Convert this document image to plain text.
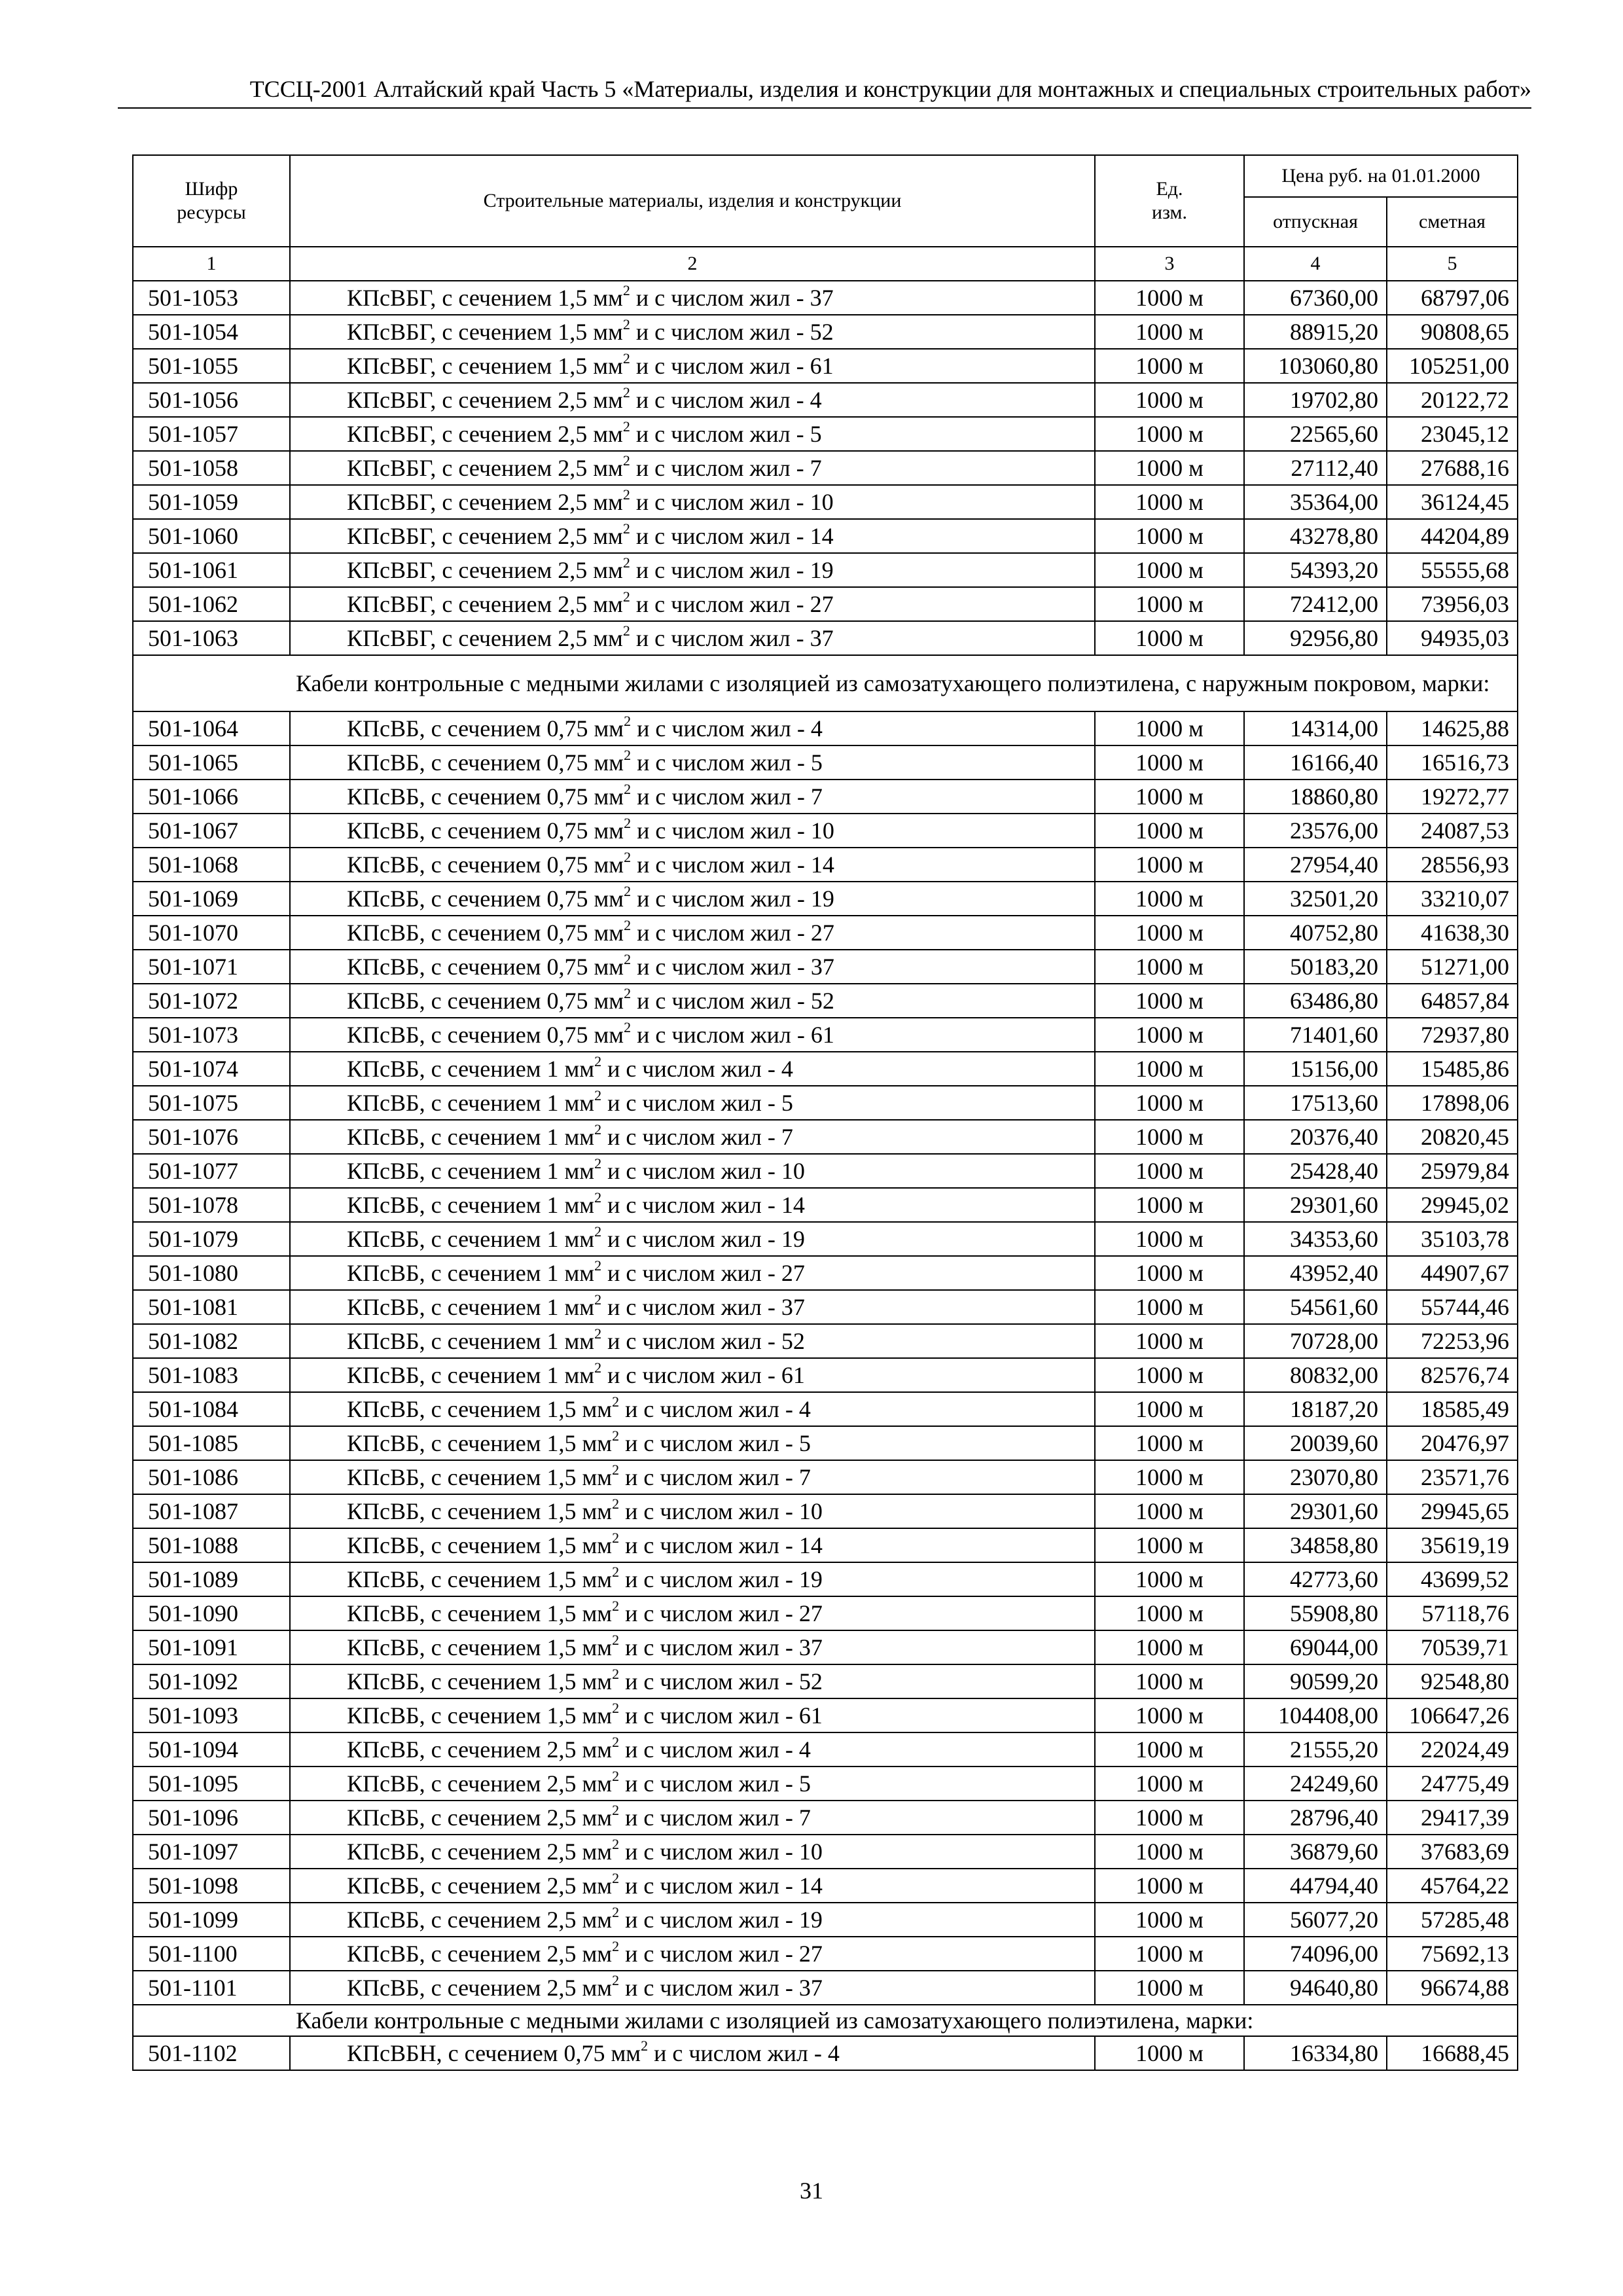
ТССЦ-2001 Алтайский край Часть 5 «Материалы, изделия и конструкции для монтажных и специальных строительных работ»
Шифр ресурсы	Строительные материалы, изделия и конструкции	Ед. изм.	Цена руб. на 01.01.2000	
			отпускная	сметная
1	2	3	4	5
501-1053	КПсВБГ, с сечением 1,5 $мм^2$ и с числом жил - 37	1000 м	67360,00	68797,06
501-1054	КПсВБГ, с сечением 1,5 $мм^2$ и с числом жил - 52	1000 м	88915,20	90808,65
501-1055	КПсВБГ, с сечением 1,5 $мм^2$ и с числом жил - 61	1000 м	103060,80	105251,00
501-1056	КПсВБГ, с сечением 2,5 $мм^2$ и с числом жил - 4	1000 м	19702,80	20122,72
501-1057	КПсВБГ, с сечением 2,5 $мм^2$ и с числом жил - 5	1000 м	22565,60	23045,12
501-1058	КПсВБГ, с сечением 2,5 $мм^2$ и с числом жил - 7	1000 м	27112,40	27688,16
501-1059	КПсВБГ, с сечением 2,5 $мм^2$ и с числом жил - 10	1000 м	35364,00	36124,45
501-1060	КПсВБГ, с сечением 2,5 $мм^2$ и с числом жил - 14	1000 м	43278,80	44204,89
501-1061	КПсВБГ, с сечением 2,5 $мм^2$ и с числом жил - 19	1000 м	54393,20	55555,68
501-1062	КПсВБГ, с сечением 2,5 $мм^2$ и с числом жил - 27	1000 м	72412,00	73956,03
501-1063	КПсВБГ, с сечением 2,5 $мм^2$ и с числом жил - 37	1000 м	92956,80	94935,03
Кабели контрольные с медными жилами с изоляцией из самозатухающего полиэтилена, с наружным покровом, марки:				
501-1064	КПсВБ, с сечением 0,75 $мм^2$ и с числом жил - 4	1000 м	14314,00	14625,88
501-1065	КПсВБ, с сечением 0,75 $мм^2$ и с числом жил - 5	1000 м	16166,40	16516,73
501-1066	КПсВБ, с сечением 0,75 $мм^2$ и с числом жил - 7	1000 м	18860,80	19272,77
501-1067	КПсВБ, с сечением 0,75 $мм^2$ и с числом жил - 10	1000 м	23576,00	24087,53
501-1068	КПсВБ, с сечением 0,75 $мм^2$ и с числом жил - 14	1000 м	27954,40	28556,93
501-1069	КПсВБ, с сечением 0,75 $мм^2$ и с числом жил - 19	1000 м	32501,20	33210,07
501-1070	КПсВБ, с сечением 0,75 $мм^2$ и с числом жил - 27	1000 м	40752,80	41638,30
501-1071	КПсВБ, с сечением 0,75 $мм^2$ и с числом жил - 37	1000 м	50183,20	51271,00
501-1072	КПсВБ, с сечением 0,75 $мм^2$ и с числом жил - 52	1000 м	63486,80	64857,84
501-1073	КПсВБ, с сечением 0,75 $мм^2$ и с числом жил - 61	1000 м	71401,60	72937,80
501-1074	КПсВБ, с сечением 1 $мм^2$ и с числом жил - 4	1000 м	15156,00	15485,86
501-1075	КПсВБ, с сечением 1 $мм^2$ и с числом жил - 5	1000 м	17513,60	17898,06
501-1076	КПсВБ, с сечением 1 $мм^2$ и с числом жил - 7	1000 м	20376,40	20820,45
501-1077	КПсВБ, с сечением 1 $мм^2$ и с числом жил - 10	1000 м	25428,40	25979,84
501-1078	КПсВБ, с сечением 1 $мм^2$ и с числом жил - 14	1000 м	29301,60	29945,02
501-1079	КПсВБ, с сечением 1 $мм^2$ и с числом жил - 19	1000 м	34353,60	35103,78
501-1080	КПсВБ, с сечением 1 $мм^2$ и с числом жил - 27	1000 м	43952,40	44907,67
501-1081	КПсВБ, с сечением 1 $мм^2$ и с числом жил - 37	1000 м	54561,60	55744,46
501-1082	КПсВБ, с сечением 1 $мм^2$ и с числом жил - 52	1000 м	70728,00	72253,96
501-1083	КПсВБ, с сечением 1 $мм^2$ и с числом жил - 61	1000 м	80832,00	82576,74
501-1084	КПсВБ, с сечением 1,5 $мм^2$ и с числом жил - 4	1000 м	18187,20	18585,49
501-1085	КПсВБ, с сечением 1,5 $мм^2$ и с числом жил - 5	1000 м	20039,60	20476,97
501-1086	КПсВБ, с сечением 1,5 $мм^2$ и с числом жил - 7	1000 м	23070,80	23571,76
501-1087	КПсВБ, с сечением 1,5 $мм^2$ и с числом жил - 10	1000 м	29301,60	29945,65
501-1088	КПсВБ, с сечением 1,5 $мм^2$ и с числом жил - 14	1000 м	34858,80	35619,19
501-1089	КПсВБ, с сечением 1,5 $мм^2$ и с числом жил - 19	1000 м	42773,60	43699,52
501-1090	КПсВБ, с сечением 1,5 $мм^2$ и с числом жил - 27	1000 м	55908,80	57118,76
501-1091	КПсВБ, с сечением 1,5 $мм^2$ и с числом жил - 37	1000 м	69044,00	70539,71
501-1092	КПсВБ, с сечением 1,5 $мм^2$ и с числом жил - 52	1000 м	90599,20	92548,80
501-1093	КПсВБ, с сечением 1,5 $мм^2$ и с числом жил - 61	1000 м	104408,00	106647,26
501-1094	КПсВБ, с сечением 2,5 $мм^2$ и с числом жил - 4	1000 м	21555,20	22024,49
501-1095	КПсВБ, с сечением 2,5 $мм^2$ и с числом жил - 5	1000 м	24249,60	24775,49
501-1096	КПсВБ, с сечением 2,5 $мм^2$ и с числом жил - 7	1000 м	28796,40	29417,39
501-1097	КПсВБ, с сечением 2,5 $мм^2$ и с числом жил - 10	1000 м	36879,60	37683,69
501-1098	КПсВБ, с сечением 2,5 $мм^2$ и с числом жил - 14	1000 м	44794,40	45764,22
501-1099	КПсВБ, с сечением 2,5 $мм^2$ и с числом жил - 19	1000 м	56077,20	57285,48
501-1100	КПсВБ, с сечением 2,5 $мм^2$ и с числом жил - 27	1000 м	74096,00	75692,13
501-1101	КПсВБ, с сечением 2,5 $мм^2$ и с числом жил - 37	1000 м	94640,80	96674,88
Кабели контрольные с медными жилами с изоляцией из самозатухающего полиэтилена, марки:				
501-1102	КПсВБН, с сечением 0,75 $мм^2$ и с числом жил - 4	1000 м	16334,80	16688,45
31
